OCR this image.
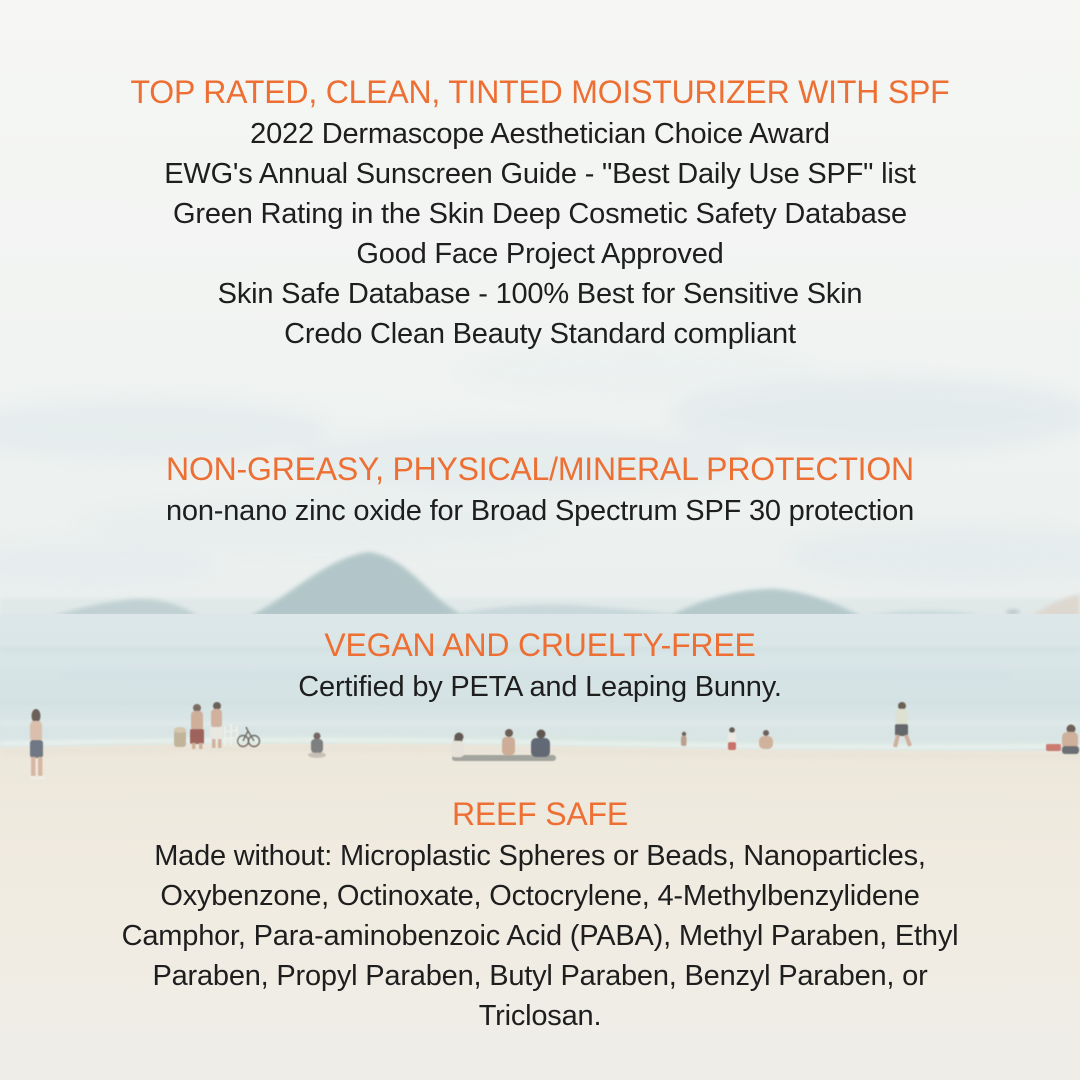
TOP RATED, CLEAN, TINTED MOISTURIZER WITH SPF
2022 Dermascope Aesthetician Choice Award
EWG's Annual Sunscreen Guide - "Best Daily Use SPF" list
Green Rating in the Skin Deep Cosmetic Safety Database
Good Face Project Approved
Skin Safe Database - 100% Best for Sensitive Skin
Credo Clean Beauty Standard compliant
NON-GREASY, PHYSICAL/MINERAL PROTECTION
non-nano zinc oxide for Broad Spectrum SPF 30 protection
VEGAN AND CRUELTY-FREE
Certified by PETA and Leaping Bunny.
REEF SAFE
Made without: Microplastic Spheres or Beads, Nanoparticles,
Oxybenzone, Octinoxate, Octocrylene, 4-Methylbenzylidene
Camphor, Para-aminobenzoic Acid (PABA), Methyl Paraben, Ethyl
Paraben, Propyl Paraben, Butyl Paraben, Benzyl Paraben, or
Triclosan.
